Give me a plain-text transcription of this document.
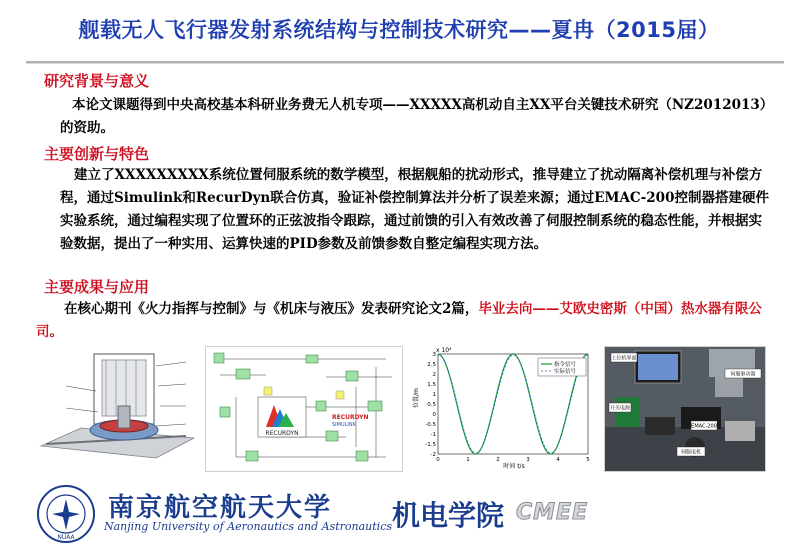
舰载无人飞行器发射系统结构与控制技术研究——夏冉（2015届）
研究背景与意义
本论文课题得到中央高校基本科研业务费无人机专项——XXXXX高机动自主XX平台关键技术研究（NZ2012013）的资助。
主要创新与特色
建立了XXXXXXXXX系统位置伺服系统的数学模型，根据舰船的扰动形式，推导建立了扰动隔离补偿机理与补偿方程，通过Simulink和RecurDyn联合仿真，验证补偿控制算法并分析了误差来源；通过EMAC-200控制器搭建硬件实验系统，通过编程实现了位置环的正弦波指令跟踪，通过前馈的引入有效改善了伺服控制系统的稳态性能，并根据实验数据，提出了一种实用、运算快速的PID参数及前馈参数自整定编程实现方法。
主要成果与应用
在核心期刊《火力指挥与控制》与《机床与液压》发表研究论文2篇，毕业去向——艾欧史密斯（中国）热水器有限公司。
RECURDYN
RECURDYN
SIMULINK
x 10⁴
位置/m
时间 t/s
3
2.5
2
1.5
1
0.5
0
-0.5
-1
-1.5
-2
0	1	2	3	4	5
指令信号
实际信号
上位机界面
伺服驱动器
开关电源
EMAC-200
伺服电机
NUAA
南京航空航天大学
Nanjing University of Aeronautics and Astronautics 机电学院 CMEE
